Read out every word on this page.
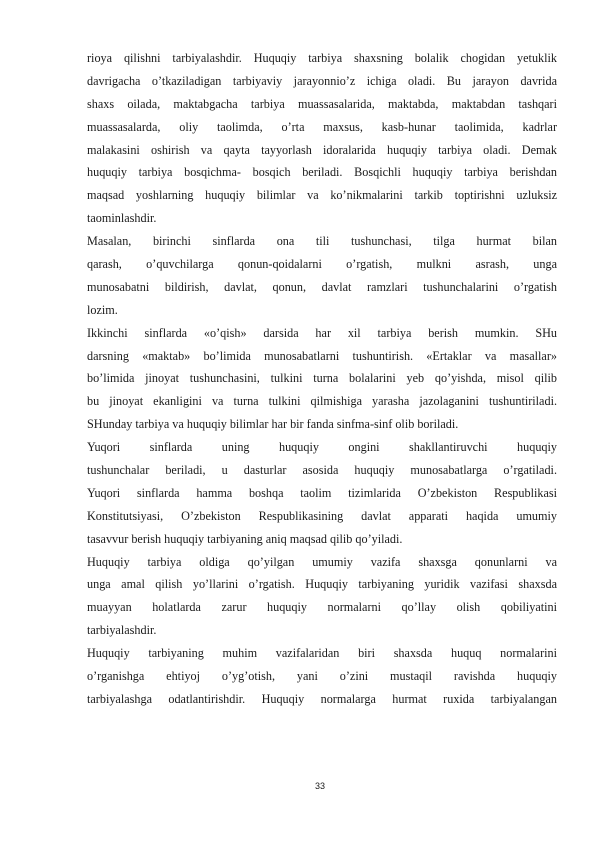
rioya qilishni tarbiyalashdir. Huquqiy tarbiya shaxsning bolalik chogidan yetuklik
davrigacha o’tkaziladigan tarbiyaviy jarayonnio’z ichiga oladi. Bu jarayon davrida
shaxs oilada, maktabgacha tarbiya muassasalarida, maktabda, maktabdan tashqari
muassasalarda, oliy taolimda, o’rta maxsus, kasb-hunar taolimida, kadrlar
malakasini oshirish va qayta tayyorlash idoralarida huquqiy tarbiya oladi. Demak
huquqiy tarbiya bosqichma- bosqich beriladi. Bosqichli huquqiy tarbiya berishdan
maqsad yoshlarning huquqiy bilimlar va ko’nikmalarini tarkib toptirishni uzluksiz
taominlashdir.
Masalan, birinchi sinflarda ona tili tushunchasi, tilga hurmat bilan
qarash, o’quvchilarga qonun-qoidalarni o’rgatish, mulkni asrash, unga
munosabatni bildirish, davlat, qonun, davlat ramzlari tushunchalarini o’rgatish
lozim.
Ikkinchi sinflarda «o’qish» darsida har xil tarbiya berish mumkin. SHu
darsning «maktab» bo’limida munosabatlarni tushuntirish. «Ertaklar va masallar»
bo’limida jinoyat tushunchasini, tulkini turna bolalarini yeb qo’yishda, misol qilib
bu jinoyat ekanligini va turna tulkini qilmishiga yarasha jazolaganini tushuntiriladi.
SHunday tarbiya va huquqiy bilimlar har bir fanda sinfma-sinf olib boriladi.
Yuqori sinflarda uning huquqiy ongini shakllantiruvchi huquqiy
tushunchalar beriladi, u dasturlar asosida huquqiy munosabatlarga o’rgatiladi.
Yuqori sinflarda hamma boshqa taolim tizimlarida O’zbekiston Respublikasi
Konstitutsiyasi, O’zbekiston Respublikasining davlat apparati haqida umumiy
tasavvur berish huquqiy tarbiyaning aniq maqsad qilib qo’yiladi.
Huquqiy tarbiya oldiga qo’yilgan umumiy vazifa shaxsga qonunlarni va
unga amal qilish yo’llarini o’rgatish. Huquqiy tarbiyaning yuridik vazifasi shaxsda
muayyan holatlarda zarur huquqiy normalarni qo’llay olish qobiliyatini
tarbiyalashdir.
Huquqiy tarbiyaning muhim vazifalaridan biri shaxsda huquq normalarini
o’rganishga ehtiyoj o’yg’otish, yani o’zini mustaqil ravishda huquqiy
tarbiyalashga odatlantirishdir. Huquqiy normalarga hurmat ruxida tarbiyalangan
33
